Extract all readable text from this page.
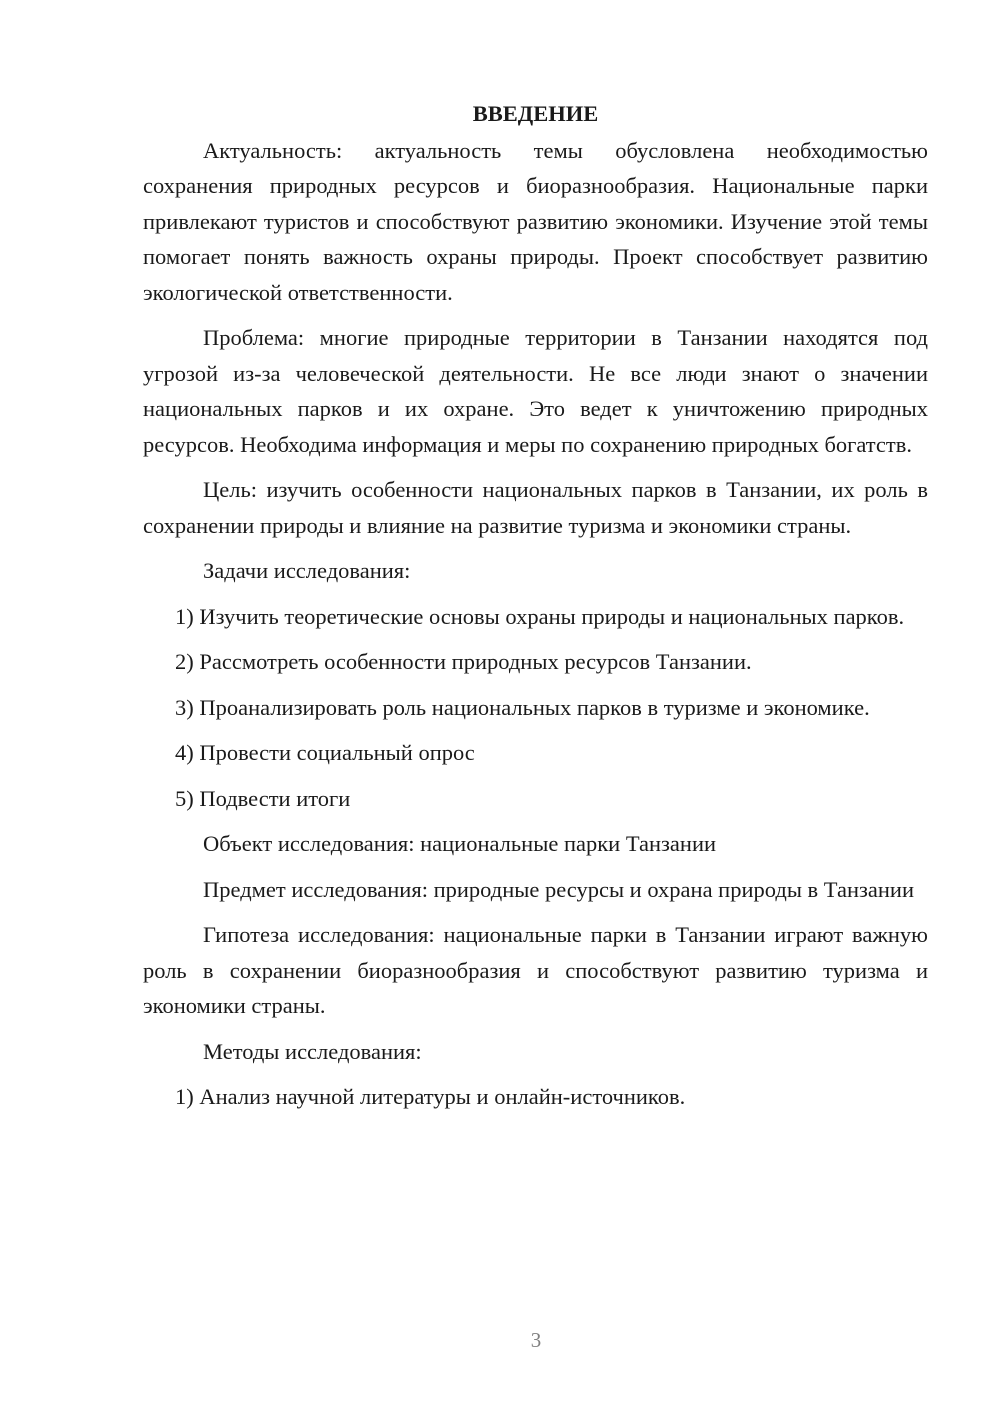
ВВЕДЕНИЕ

Актуальность: актуальность темы обусловлена необходимостью сохранения природных ресурсов и биоразнообразия. Национальные парки привлекают туристов и способствуют развитию экономики. Изучение этой темы помогает понять важность охраны природы. Проект способствует развитию экологической ответственности.

Проблема: многие природные территории в Танзании находятся под угрозой из-за человеческой деятельности. Не все люди знают о значении национальных парков и их охране. Это ведет к уничтожению природных ресурсов. Необходима информация и меры по сохранению природных богатств.

Цель: изучить особенности национальных парков в Танзании, их роль в сохранении природы и влияние на развитие туризма и экономики страны.

Задачи исследования:

1) Изучить теоретические основы охраны природы и национальных парков.

2) Рассмотреть особенности природных ресурсов Танзании.

3) Проанализировать роль национальных парков в туризме и экономике.

4) Провести социальный опрос

5) Подвести итоги

Объект исследования: национальные парки Танзании

Предмет исследования: природные ресурсы и охрана природы в Танзании

Гипотеза исследования: национальные парки в Танзании играют важную роль в сохранении биоразнообразия и способствуют развитию туризма и экономики страны.

Методы исследования:

1) Анализ научной литературы и онлайн-источников.

3
